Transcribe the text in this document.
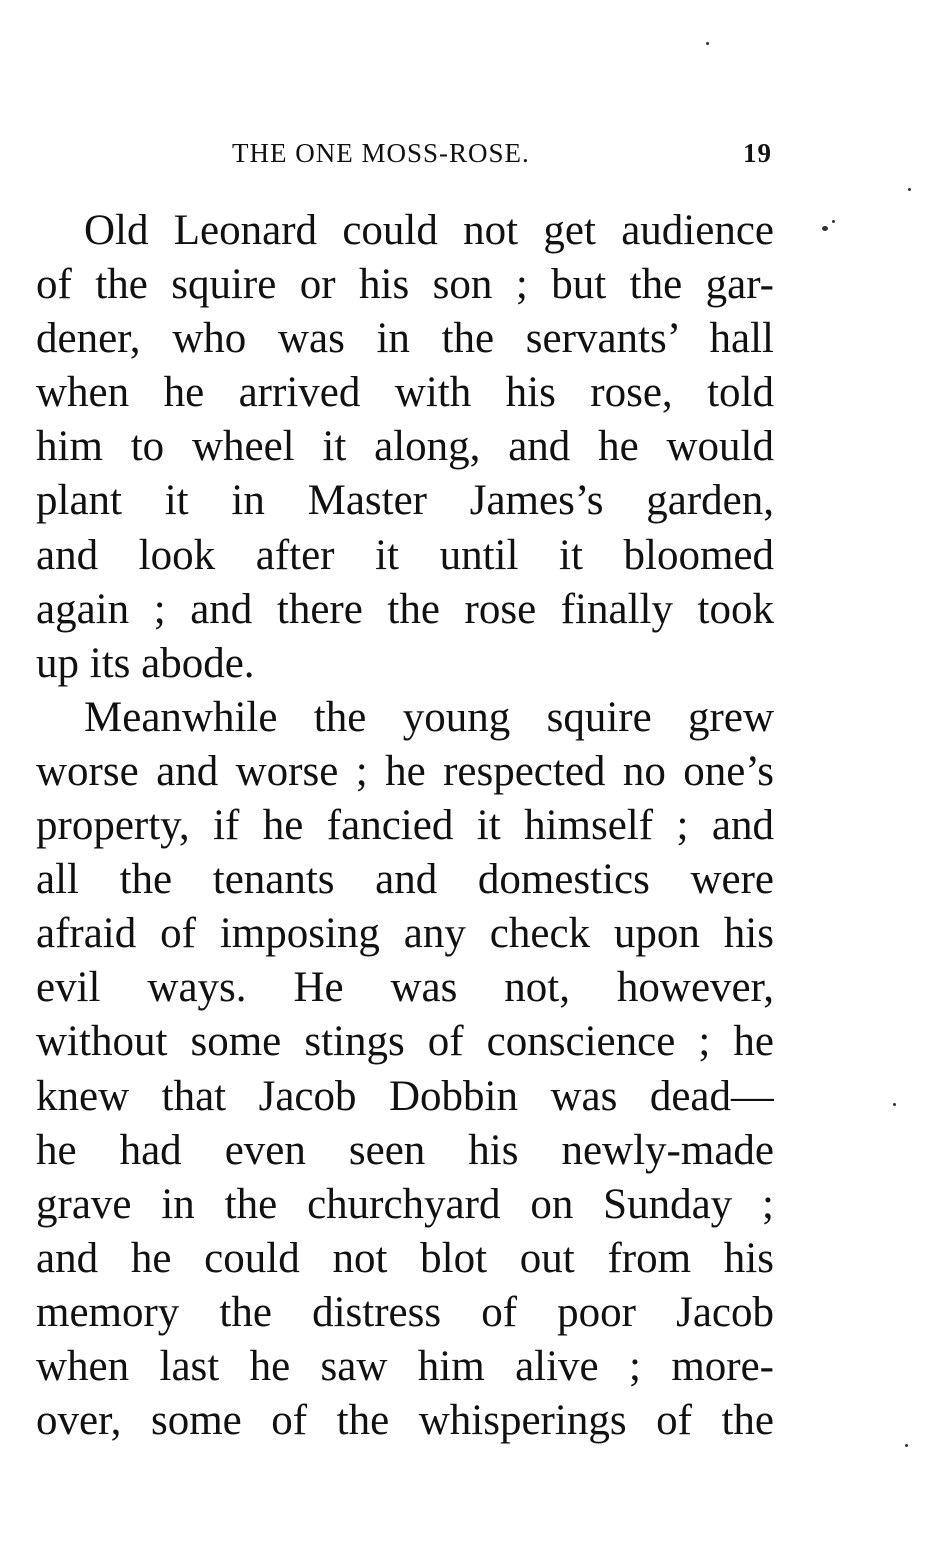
THE ONE MOSS-ROSE.	19
Old Leonard could not get audience
of the squire or his son ; but the gar-
dener, who was in the servants’ hall
when he arrived with his rose, told
him to wheel it along, and he would
plant it in Master James’s garden,
and look after it until it bloomed
again ; and there the rose finally took
up its abode.
Meanwhile the young squire grew
worse and worse ; he respected no one’s
property, if he fancied it himself ; and
all the tenants and domestics were
afraid of imposing any check upon his
evil ways. He was not, however,
without some stings of conscience ; he
knew that Jacob Dobbin was dead—
he had even seen his newly-made
grave in the churchyard on Sunday ;
and he could not blot out from his
memory the distress of poor Jacob
when last he saw him alive ; more-
over, some of the whisperings of the
